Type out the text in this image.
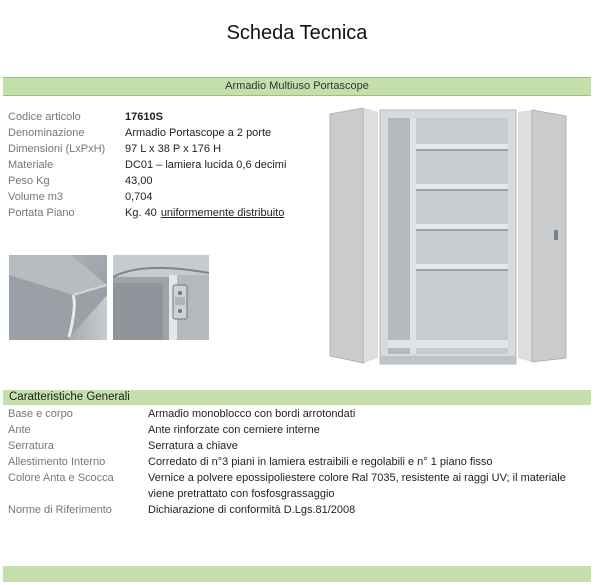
Scheda Tecnica
Armadio Multiuso Portascope
Codice articolo	17610S
Denominazione	Armadio Portascope a 2 porte
Dimensioni (LxPxH)	97 L x 38 P x 176 H
Materiale	DC01 – lamiera lucida 0,6 decimi
Peso Kg	43,00
Volume m3	0,704
Portata Piano	Kg. 40 uniformemente distribuito
Caratteristiche Generali
Base e corpo	Armadio monoblocco con bordi arrotondati
Ante	Ante rinforzate con cerniere interne
Serratura	Serratura a chiave
Allestimento Interno	Corredato di n°3 piani in lamiera estraibili e regolabili e n° 1 piano fisso
Colore Anta e Scocca	Vernice a polvere epossipoliestere colore Ral 7035, resistente ai raggi UV; il materiale viene pretrattato con fosfosgrassaggio
Norme di Riferimento	Dichiarazione di conformità D.Lgs.81/2008
